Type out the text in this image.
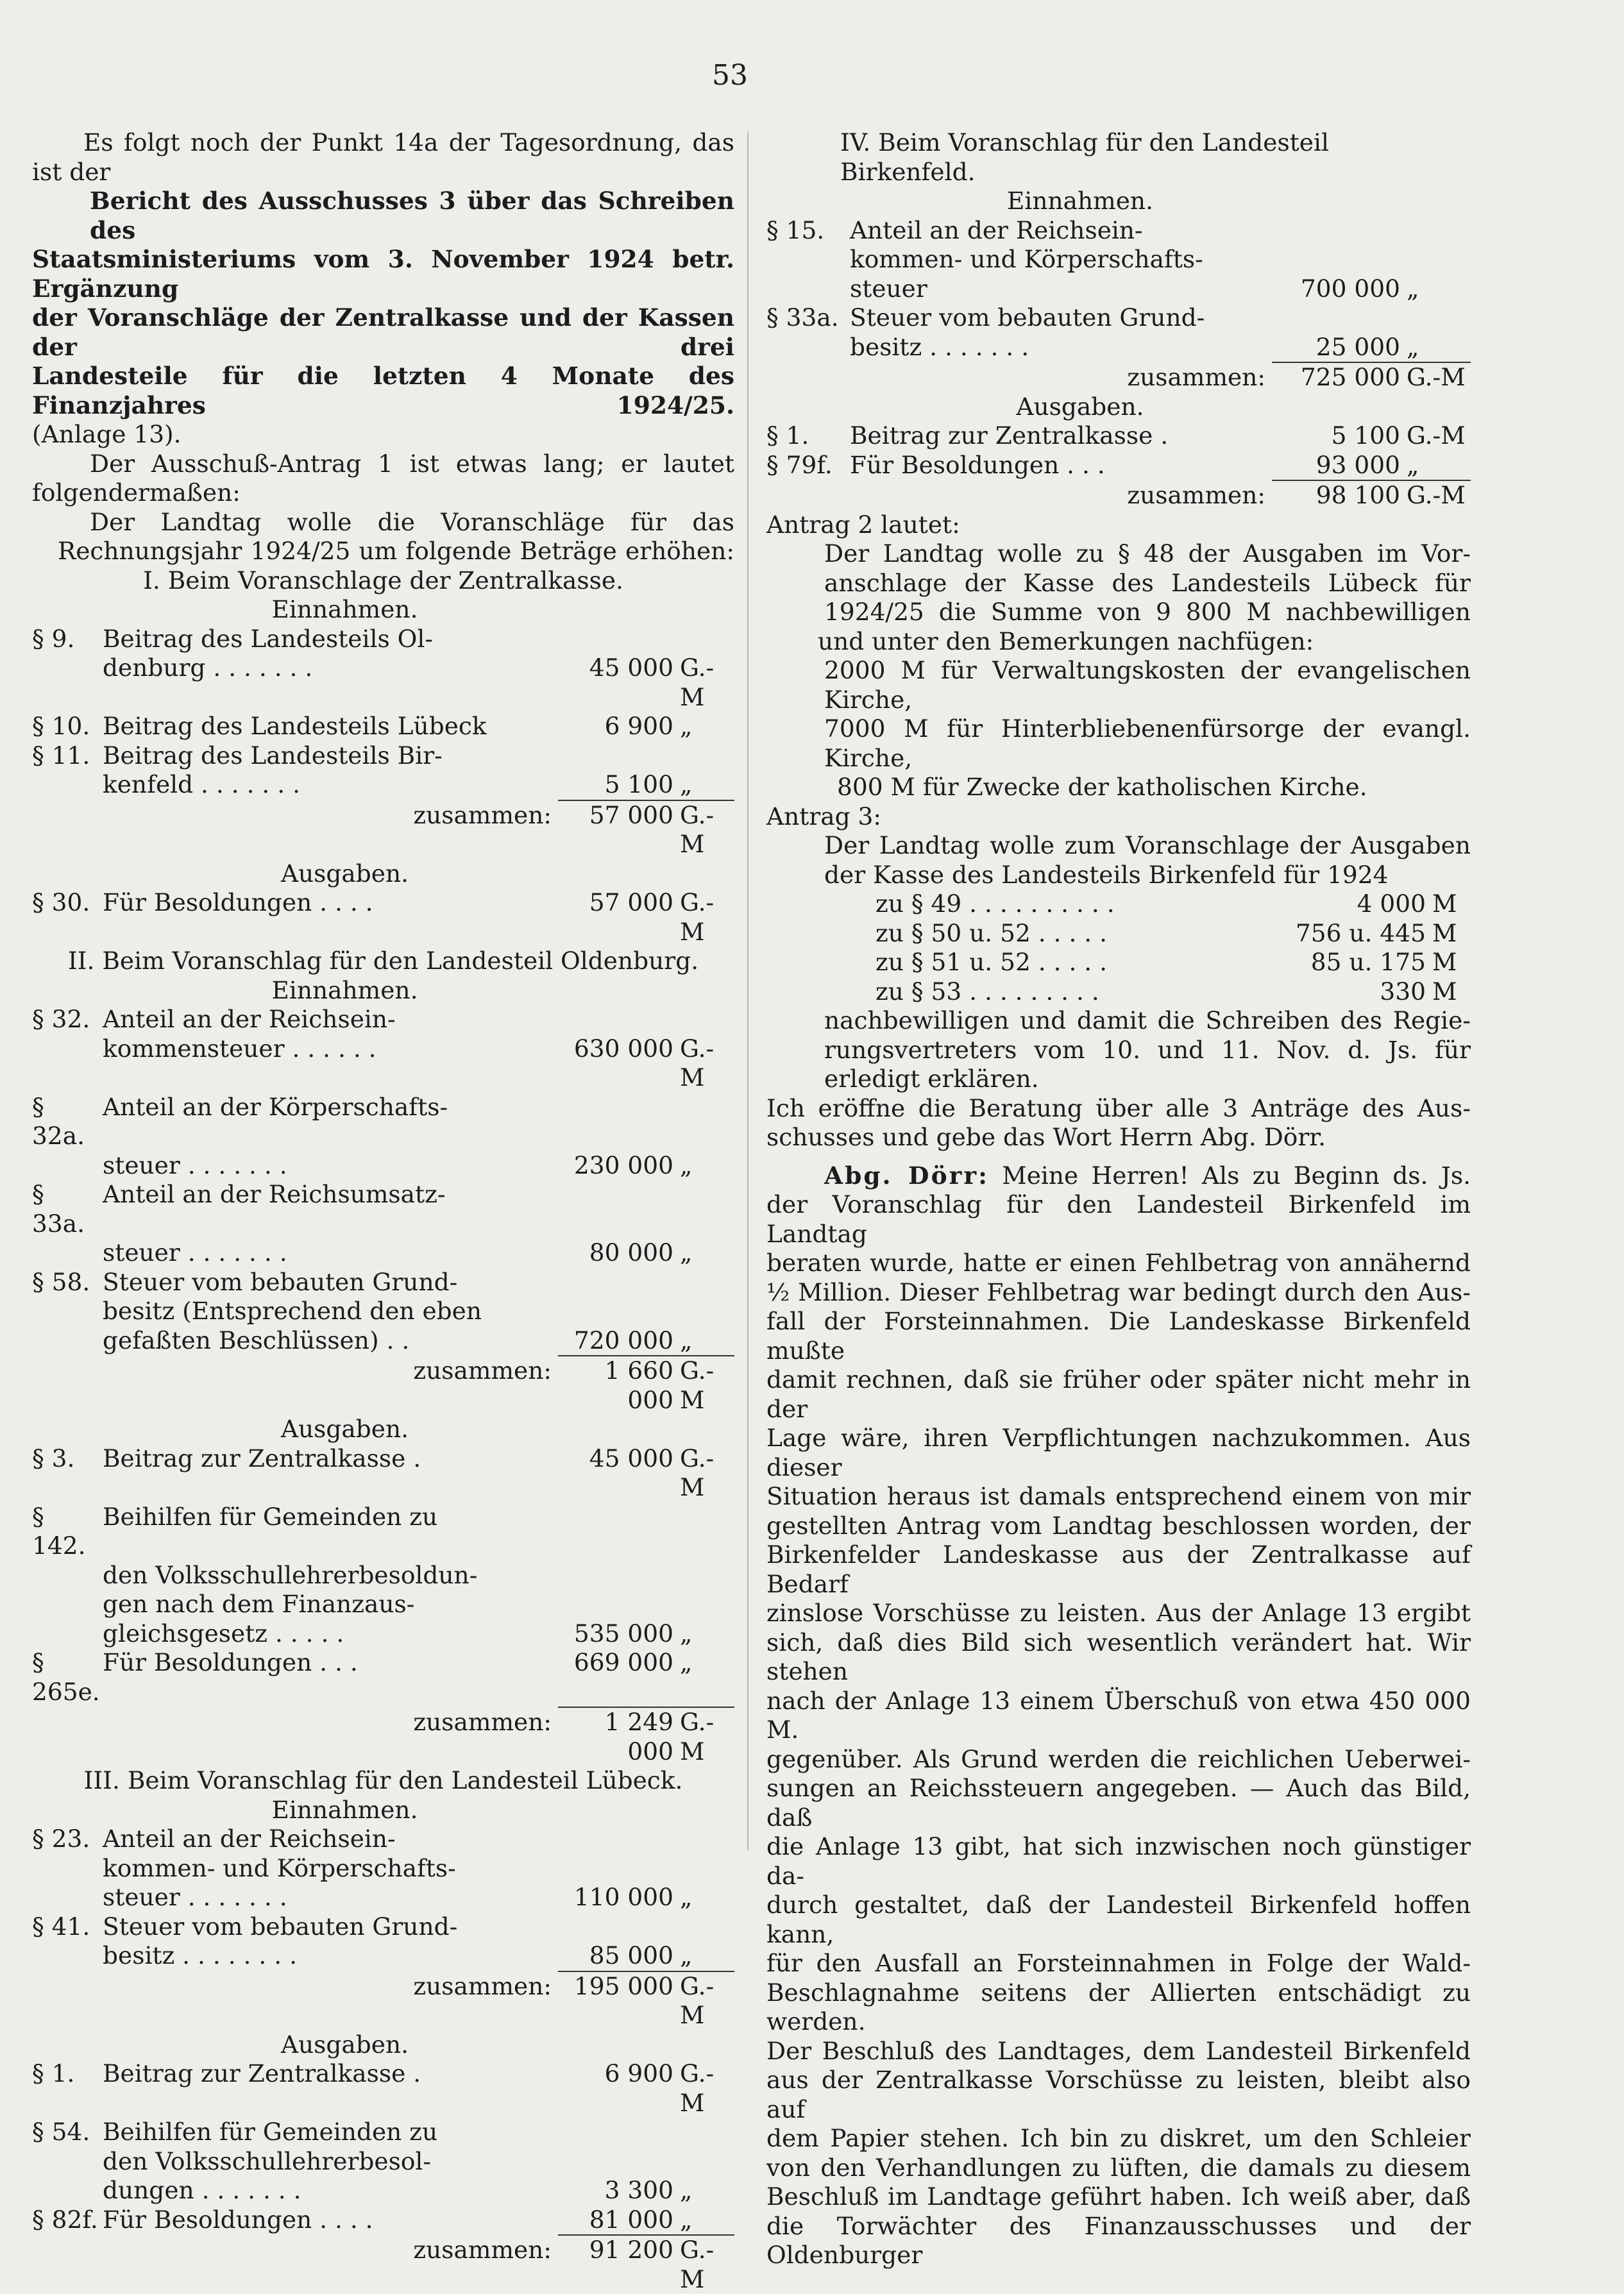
53

Es folgt noch der Punkt 14a der Tagesordnung, das

ist der

Bericht des Ausschusses 3 über das Schreiben des

Staatsministeriums vom 3. November 1924 betr. Ergänzung

der Voranschläge der Zentralkasse und der Kassen der drei

Landesteile für die letzten 4 Monate des Finanzjahres 1924/25.

(Anlage 13).

Der Ausschuß-Antrag 1 ist etwas lang; er lautet

folgendermaßen:

Der Landtag wolle die Voranschläge für das

Rechnungsjahr 1924/25 um folgende Beträge erhöhen:

I. Beim Voranschlage der Zentralkasse.

Einnahmen.

§ 9.	Beitrag des Landesteils Ol-
denburg . . . . . . .	45 000 G.-M
§ 10. Beitrag des Landesteils Lübeck	6 900 „
§ 11. Beitrag des Landesteils Bir-
kenfeld . . . . . . .	5 100 „
zusammen:	57 000 G.-M

Ausgaben.

§ 30. Für Besoldungen . . . .	57 000 G.-M

II. Beim Voranschlag für den Landesteil Oldenburg.

Einnahmen.

§ 32. Anteil an der Reichsein-
kommensteuer . . . . . .	630 000 G.-M
§ 32a.
Anteil an der Körperschafts-
steuer . . . . . . .	230 000 „
§ 33a.
Anteil an der Reichsumsatz-
steuer . . . . . . .	80 000 „
§ 58. Steuer vom bebauten Grund-
besitz (Entsprechend den eben
gefaßten Beschlüssen) . .	720 000 „
zusammen:	1 660 000
G.-M

Ausgaben.

§ 3.	Beitrag zur Zentralkasse .	45 000 G.-M
§ 142.
Beihilfen für Gemeinden zu
den Volksschullehrerbesoldun-
gen nach dem Finanzaus-
gleichsgesetz . . . . .	535 000 „
§ 265e.
Für Besoldungen . . .	669 000 „
zusammen:	1 249 000
G.-M

III. Beim Voranschlag für den Landesteil Lübeck.

Einnahmen.

§ 23. Anteil an der Reichsein-
kommen- und Körperschafts-
steuer . . . . . . .	110 000 „
§ 41. Steuer vom bebauten Grund-
besitz . . . . . . . .	85 000 „
zusammen: 195 000 G.-M

Ausgaben.

§ 1.	Beitrag zur Zentralkasse .	6 900 G.-M
§ 54. Beihilfen für Gemeinden zu
den Volksschullehrerbesol-
dungen . . . . . . .	3 300 „
§ 82f. Für Besoldungen . . . .	81 000 „
zusammen:	91 200 G.-M

IV. Beim Voranschlag für den Landesteil Birkenfeld.

Einnahmen.

§ 15.	Anteil an der Reichsein-
kommen- und Körperschafts-
steuer	700 000 „
§ 33a. Steuer vom bebauten Grund-
besitz . . . . . . .	25 000 „
zusammen:	725 000 G.-M

Ausgaben.

§ 1.	Beitrag zur Zentralkasse .	5 100 G.-M
§ 79f. Für Besoldungen . . .	93 000 „
zusammen:	98 100 G.-M

Antrag 2 lautet:

Der Landtag wolle zu § 48 der Ausgaben im Vor-

anschlage der Kasse des Landesteils Lübeck für

1924/25 die Summe von 9 800 M nachbewilligen

und unter den Bemerkungen nachfügen:

2000 M für Verwaltungskosten der evangelischen Kirche,

7000 M für Hinterbliebenenfürsorge der evangl. Kirche,

800 M für Zwecke der katholischen Kirche.

Antrag 3:

Der Landtag wolle zum Voranschlage der Ausgaben

der Kasse des Landesteils Birkenfeld für 1924

zu § 49 . . . . . . . . . .	4 000 M
zu § 50 u. 52 . . . . .	756 u. 445 M
zu § 51 u. 52 . . . . .	85 u. 175 M
zu § 53 . . . . . . . . .	330 M

nachbewilligen und damit die Schreiben des Regie-

rungsvertreters vom 10. und 11. Nov. d. Js. für

erledigt erklären.

Ich eröffne die Beratung über alle 3 Anträge des Aus-

schusses und gebe das Wort Herrn Abg. Dörr.

Abg. Dörr: Meine Herren! Als zu Beginn ds. Js.

der Voranschlag für den Landesteil Birkenfeld im Landtag

beraten wurde, hatte er einen Fehlbetrag von annähernd

½ Million. Dieser Fehlbetrag war bedingt durch den Aus-

fall der Forsteinnahmen. Die Landeskasse Birkenfeld mußte

damit rechnen, daß sie früher oder später nicht mehr in der

Lage wäre, ihren Verpflichtungen nachzukommen. Aus dieser

Situation heraus ist damals entsprechend einem von mir

gestellten Antrag vom Landtag beschlossen worden, der

Birkenfelder Landeskasse aus der Zentralkasse auf Bedarf

zinslose Vorschüsse zu leisten. Aus der Anlage 13 ergibt

sich, daß dies Bild sich wesentlich verändert hat. Wir stehen

nach der Anlage 13 einem Überschuß von etwa 450 000 M.

gegenüber. Als Grund werden die reichlichen Ueberwei-

sungen an Reichssteuern angegeben. — Auch das Bild, daß

die Anlage 13 gibt, hat sich inzwischen noch günstiger da-

durch gestaltet, daß der Landesteil Birkenfeld hoffen kann,

für den Ausfall an Forsteinnahmen in Folge der Wald-

Beschlagnahme seitens der Allierten entschädigt zu werden.

Der Beschluß des Landtages, dem Landesteil Birkenfeld

aus der Zentralkasse Vorschüsse zu leisten, bleibt also auf

dem Papier stehen. Ich bin zu diskret, um den Schleier

von den Verhandlungen zu lüften, die damals zu diesem

Beschluß im Landtage geführt haben. Ich weiß aber, daß

die Torwächter des Finanzausschusses und der Oldenburger
